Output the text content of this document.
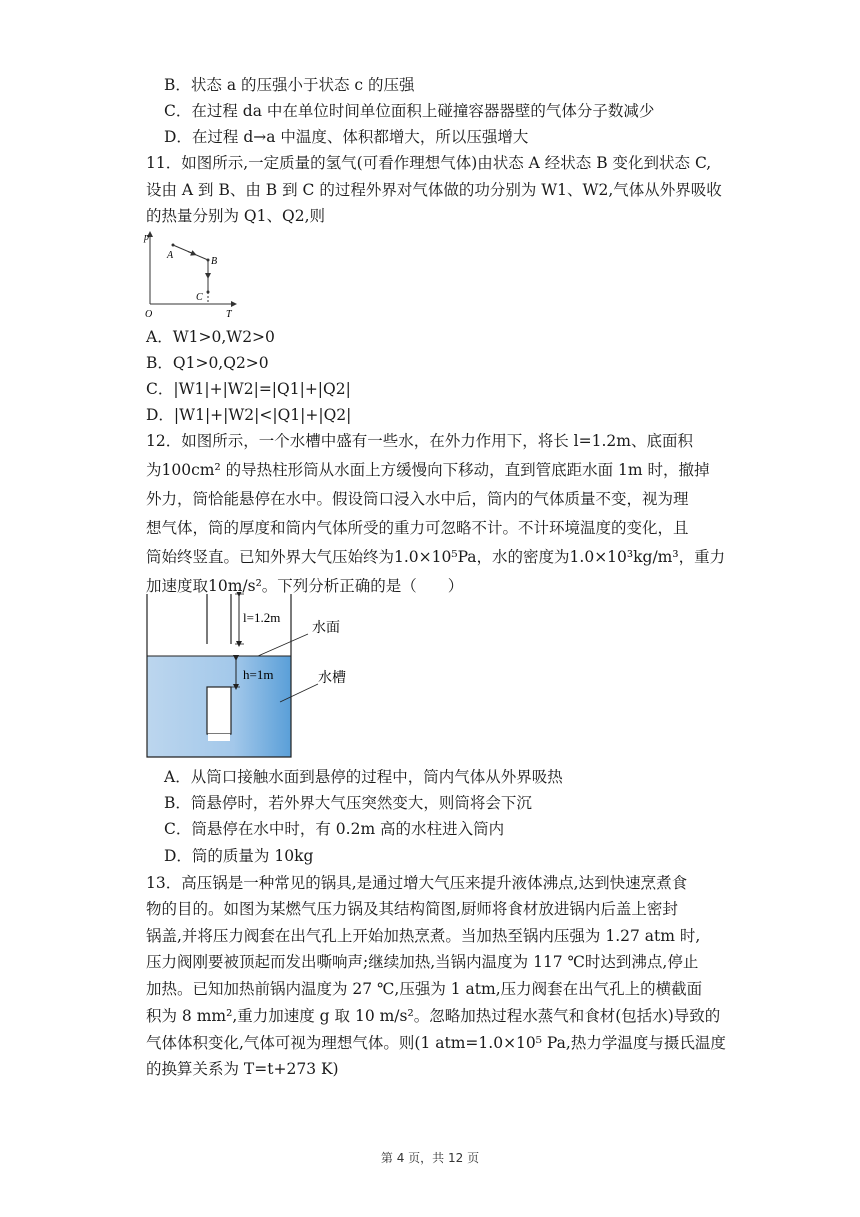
B．状态 a 的压强小于状态 c 的压强
C．在过程 da 中在单位时间单位面积上碰撞容器器壁的气体分子数减少
D．在过程 d→a 中温度、体积都增大，所以压强增大
11．如图所示,一定质量的氢气(可看作理想气体)由状态 A 经状态 B 变化到状态 C,
设由 A 到 B、由 B 到 C 的过程外界对气体做的功分别为 W1、W2,气体从外界吸收
的热量分别为 Q1、Q2,则
p
T
O
A
B
C
A．W1>0,W2>0
B．Q1>0,Q2>0
C．|W1|+|W2|=|Q1|+|Q2|
D．|W1|+|W2|<|Q1|+|Q2|
12．如图所示，一个水槽中盛有一些水，在外力作用下，将长 l=1.2m、底面积
为100cm² 的导热柱形筒从水面上方缓慢向下移动，直到管底距水面 1m 时，撤掉
外力，筒恰能悬停在水中。假设筒口浸入水中后，筒内的气体质量不变，视为理
想气体，筒的厚度和筒内气体所受的重力可忽略不计。不计环境温度的变化，且
筒始终竖直。已知外界大气压始终为1.0×10⁵Pa，水的密度为1.0×10³kg/m³，重力
加速度取10m/s²。下列分析正确的是（　　）
l=1.2m
h=1m
水面
水槽
A．从筒口接触水面到悬停的过程中，筒内气体从外界吸热
B．筒悬停时，若外界大气压突然变大，则筒将会下沉
C．筒悬停在水中时，有 0.2m 高的水柱进入筒内
D．筒的质量为 10kg
13．高压锅是一种常见的锅具,是通过增大气压来提升液体沸点,达到快速烹煮食
物的目的。如图为某燃气压力锅及其结构简图,厨师将食材放进锅内后盖上密封
锅盖,并将压力阀套在出气孔上开始加热烹煮。当加热至锅内压强为 1.27 atm 时,
压力阀刚要被顶起而发出嘶响声;继续加热,当锅内温度为 117 ℃时达到沸点,停止
加热。已知加热前锅内温度为 27 ℃,压强为 1 atm,压力阀套在出气孔上的横截面
积为 8 mm²,重力加速度 g 取 10 m/s²。忽略加热过程水蒸气和食材(包括水)导致的
气体体积变化,气体可视为理想气体。则(1 atm=1.0×10⁵ Pa,热力学温度与摄氏温度
的换算关系为 T=t+273 K)
第 4 页，共 12 页
